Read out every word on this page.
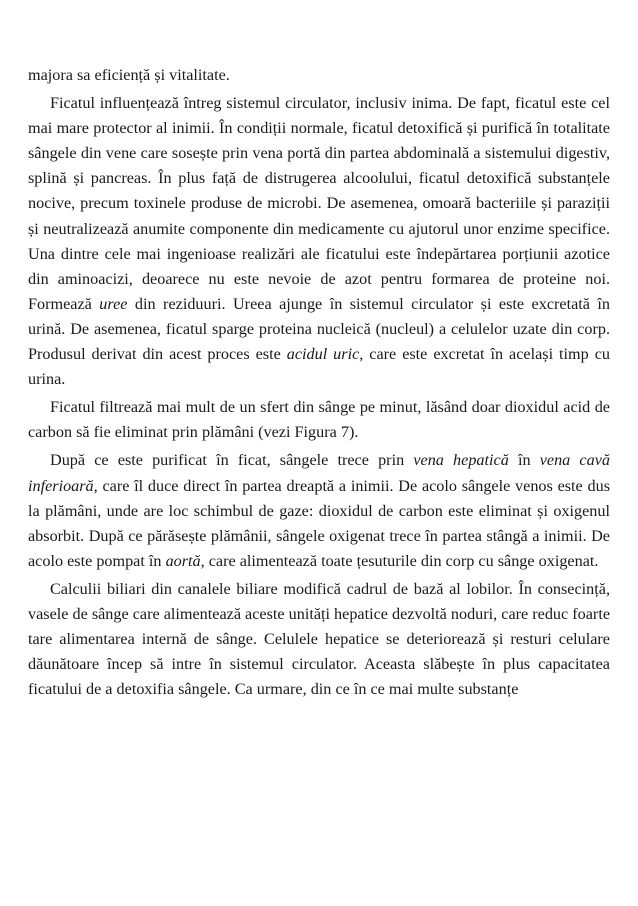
majora sa eficiență și vitalitate.

Ficatul influențează întreg sistemul circulator, inclusiv inima. De fapt, ficatul este cel mai mare protector al inimii. În condiții normale, ficatul detoxifică și purifică în totalitate sângele din vene care sosește prin vena portă din partea abdominală a sistemului digestiv, splină și pancreas. În plus față de distrugerea alcoolului, ficatul detoxifică substanțele nocive, precum toxinele produse de microbi. De asemenea, omoară bacteriile și paraziții și neutralizează anumite componente din medicamente cu ajutorul unor enzime specifice. Una dintre cele mai ingenioase realizări ale ficatului este îndepărtarea porțiunii azotice din aminoacizi, deoarece nu este nevoie de azot pentru formarea de proteine noi. Formează uree din reziduuri. Ureea ajunge în sistemul circulator și este excretată în urină. De asemenea, ficatul sparge proteina nucleică (nucleul) a celulelor uzate din corp. Produsul derivat din acest proces este acidul uric, care este excretat în același timp cu urina.

Ficatul filtrează mai mult de un sfert din sânge pe minut, lăsând doar dioxidul acid de carbon să fie eliminat prin plămâni (vezi Figura 7).

După ce este purificat în ficat, sângele trece prin vena hepatică în vena cavă inferioară, care îl duce direct în partea dreaptă a inimii. De acolo sângele venos este dus la plămâni, unde are loc schimbul de gaze: dioxidul de carbon este eliminat și oxigenul absorbit. După ce părăsește plămânii, sângele oxigenat trece în partea stângă a inimii. De acolo este pompat în aortă, care alimentează toate țesuturile din corp cu sânge oxigenat.

Calculii biliari din canalele biliare modifică cadrul de bază al lobilor. În consecință, vasele de sânge care alimentează aceste unități hepatice dezvoltă noduri, care reduc foarte tare alimentarea internă de sânge. Celulele hepatice se deteriorează și resturi celulare dăunătoare încep să intre în sistemul circulator. Aceasta slăbește în plus capacitatea ficatului de a detoxifia sângele. Ca urmare, din ce în ce mai multe substanțe
